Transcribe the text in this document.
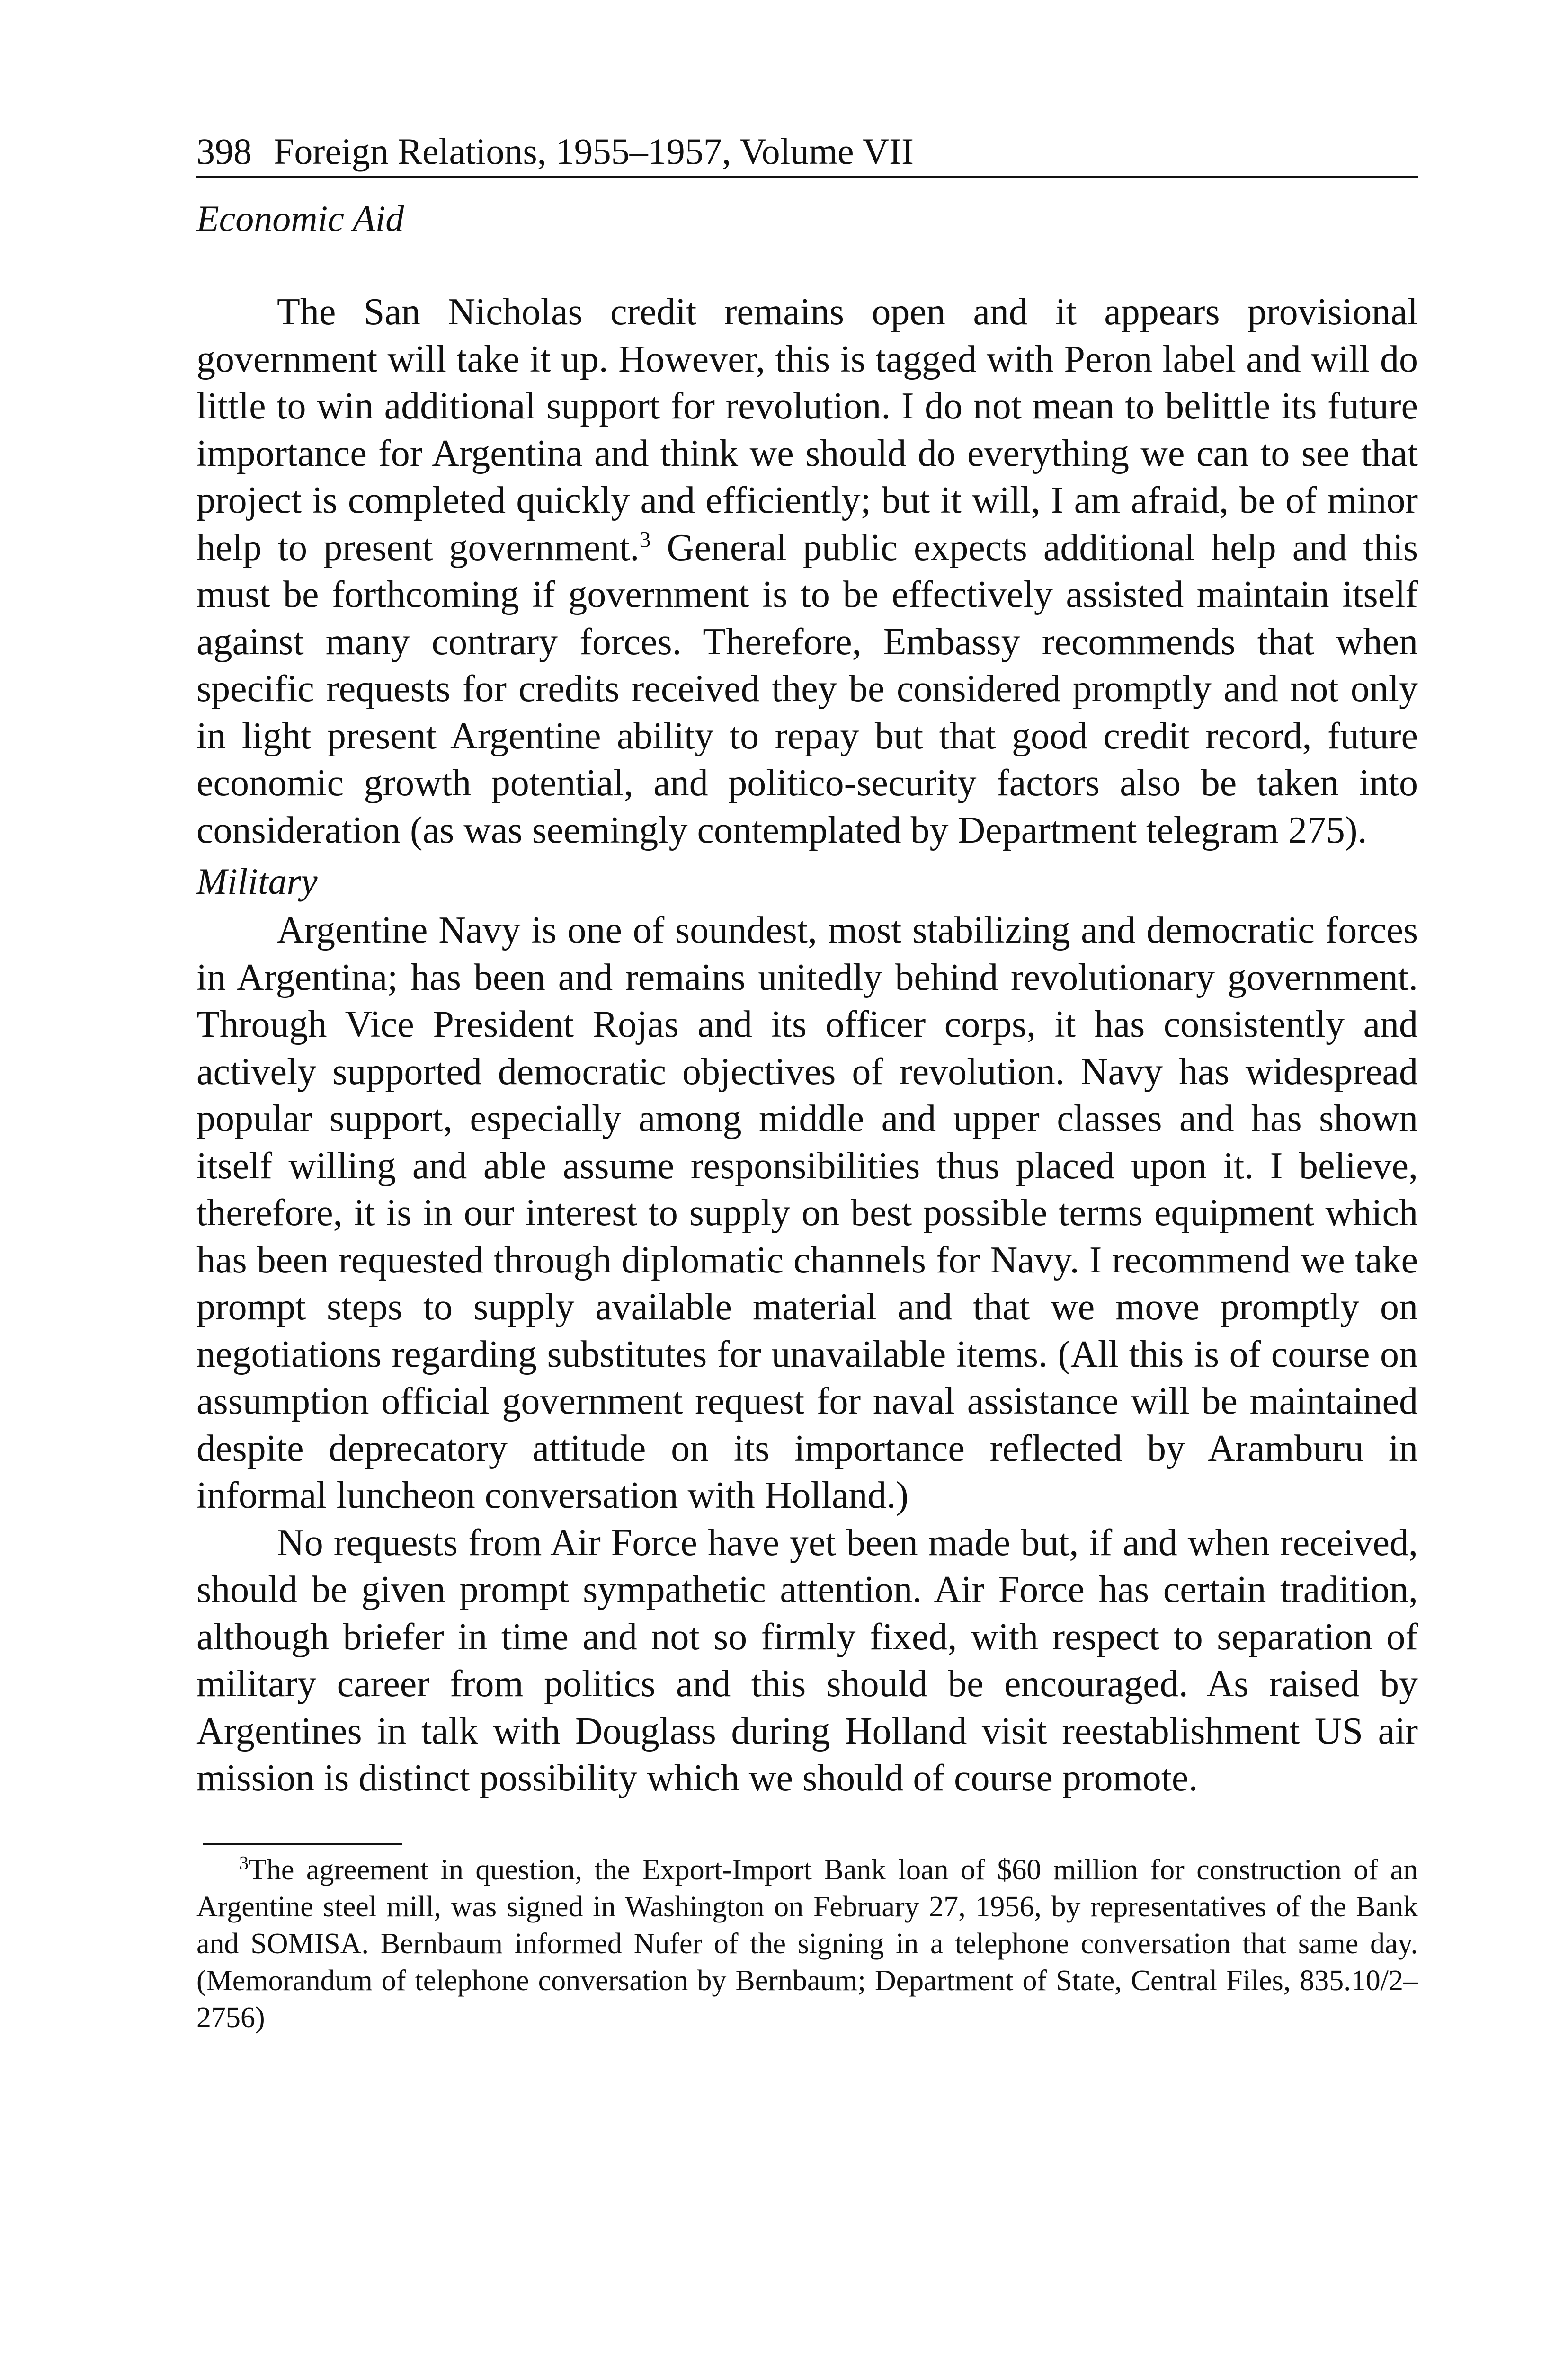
398 Foreign Relations, 1955–1957, Volume VII
Economic Aid

The San Nicholas credit remains open and it appears provisional government will take it up. However, this is tagged with Peron label and will do little to win additional support for revolution. I do not mean to belittle its future importance for Argentina and think we should do everything we can to see that project is completed quickly and efficiently; but it will, I am afraid, be of minor help to present government.$^3$ General public expects additional help and this must be forthcoming if government is to be effectively assisted maintain itself against many contrary forces. Therefore, Embassy recommends that when specific requests for credits received they be considered promptly and not only in light present Argentine ability to repay but that good credit record, future economic growth potential, and politico-security factors also be taken into consideration (as was seemingly contemplated by Department telegram 275).

Military

Argentine Navy is one of soundest, most stabilizing and democratic forces in Argentina; has been and remains unitedly behind revolutionary government. Through Vice President Rojas and its officer corps, it has consistently and actively supported democratic objectives of revolution. Navy has widespread popular support, especially among middle and upper classes and has shown itself willing and able assume responsibilities thus placed upon it. I believe, therefore, it is in our interest to supply on best possible terms equipment which has been requested through diplomatic channels for Navy. I recommend we take prompt steps to supply available material and that we move promptly on negotiations regarding substitutes for unavailable items. (All this is of course on assumption official government request for naval assistance will be maintained despite deprecatory attitude on its importance reflected by Aramburu in informal luncheon conversation with Holland.)

No requests from Air Force have yet been made but, if and when received, should be given prompt sympathetic attention. Air Force has certain tradition, although briefer in time and not so firmly fixed, with respect to separation of military career from politics and this should be encouraged. As raised by Argentines in talk with Douglass during Holland visit reestablishment US air mission is distinct possibility which we should of course promote.

$^3$The agreement in question, the Export-Import Bank loan of $60 million for construction of an Argentine steel mill, was signed in Washington on February 27, 1956, by representatives of the Bank and SOMISA. Bernbaum informed Nufer of the signing in a telephone conversation that same day. (Memorandum of telephone conversation by Bernbaum; Department of State, Central Files, 835.10/2–2756)
